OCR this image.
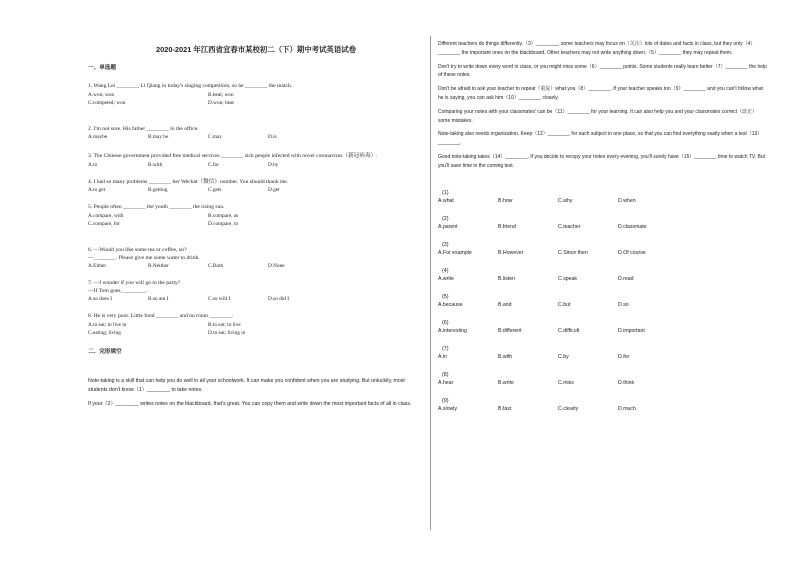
2020-2021 年江西省宜春市某校初二（下）期中考试英语试卷
一、单选题

1. Wang Lei ________ Li Qiang in today's singing competition, so he ________ the match.

A.won; won	B.beat; won
C.competed; won	D.won; beat

2. I'm not sure. His father ________ in the office.

A.maybe	B.may be	C.may	D.is

3. The Chinese government provided free medical services ________ sick people infected with novel coronavirus（新冠病毒）.

A.to	B.with	C.for	D.by

4. I had so many problems ________ her Wechat（微信）number. You should thank me.

A.to get	B.getting	C.gets	D.get

5. People often ________ the youth ________ the rising sun.

A.compare, with	B.compare, as
C.compare, for	D.compare, to

6. —Would you like some tea or coffee, sir?

—________. Please give me some water to drink.

A.Either	B.Neither	C.Both	D.None

7. —I wonder if you will go to the party?

—If Tom goes, ________.

A.so does I	B.so am I	C.so will I	D.so did I

8. He is very poor. Little food ________ and no room ________.

A.to eat; to live in	B.to eat; to live
C.eating; living	D.to eat; living in
二、完形填空

Note-taking is a skill that can help you do well in all your schoolwork. It can make you confident when you are studying. But unluckily, most students don't know（1）________ to take notes.

If your（2）________ writes notes on the blackboard, that's great. You can copy them and write down the most important facts of all in class.

Different teachers do things differently.（3）________, some teachers may focus on（关注）lots of dates and facts in class, but they only（4）________ the important ones on the blackboard. Other teachers may not write anything down,（5）________ they may repeat them.

Don't try to write down every word in class, or you might miss some（6）________ points. Some students really learn better（7）________ the help of these notes.

Don't be afraid to ask your teacher to repeat（重复）what you（8）________. If your teacher speaks too（9）________ and you can't follow what he is saying, you can ask him（10）________ closely.

Comparing your notes with your classmates' can be（11）________ for your learning. It can also help you and your classmates correct（改正）some mistakes.

Note-taking also needs organization. Keep（12）________ for each subject in one place, so that you can find everything easily when a test（13）________.

Good note-taking takes（14）________. If you decide to recopy your notes every evening, you'll surely have（15）________ time to watch TV. But you'll save time in the coming test.

(1)
A.what	B.how	C.why	D.when
(2)
A.parent	B.friend	C.teacher	D.classmate
(3)
A.For example	B.However	C.Since then	D.Of course
(4)
A.write	B.listen	C.speak	D.read
(5)
A.because	B.and	C.but	D.so
(6)
A.interesting	B.different	C.difficult	D.important
(7)
A.in	B.with	C.by	D.for
(8)
A.hear	B.write	C.miss	D.think
(9)
A.slowly	B.fast	C.clearly	D.much
